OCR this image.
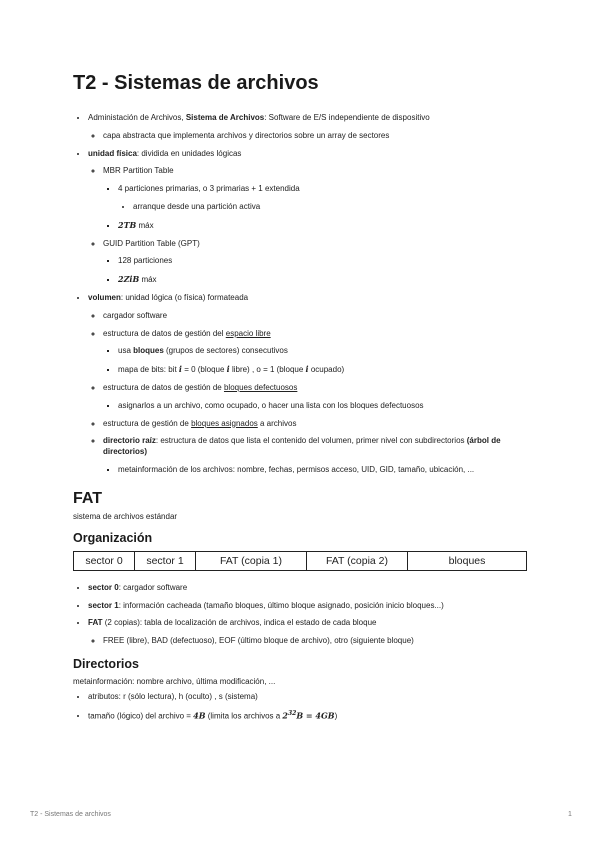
T2 - Sistemas de archivos
• Administación de Archivos, Sistema de Archivos: Software de E/S independiente de dispositivo
◦ capa abstracta que implementa archivos y directorios sobre un array de sectores
• unidad física: dividida en unidades lógicas
◦ MBR Partition Table
▪ 4 particiones primarias, o 3 primarias + 1 extendida
• arranque desde una partición activa
▪ 2TB máx
◦ GUID Partition Table (GPT)
▪ 128 particiones
▪ 2ZiB máx
• volumen: unidad lógica (o física) formateada
◦ cargador software
◦ estructura de datos de gestión del espacio libre
▪ usa bloques (grupos de sectores) consecutivos
▪ mapa de bits: bit i = 0 (bloque i libre) , o = 1 (bloque i ocupado)
◦ estructura de datos de gestión de bloques defectuosos
▪ asignarlos a un archivo, como ocupado, o hacer una lista con los bloques defectuosos
◦ estructura de gestión de bloques asignados a archivos
◦ directorio raíz: estructura de datos que lista el contenido del volumen, primer nivel con subdirectorios (árbol de directorios)
▪ metainformación de los archivos: nombre, fechas, permisos acceso, UID, GID, tamaño, ubicación, ...
FAT

sistema de archivos estándar

Organización
sector 0	sector 1	FAT (copia 1)	FAT (copia 2)	bloques
• sector 0: cargador software
• sector 1: información cacheada (tamaño bloques, último bloque asignado, posición inicio bloques...)
• FAT (2 copias): tabla de localización de archivos, indica el estado de cada bloque
◦ FREE (libre), BAD (defectuoso), EOF (último bloque de archivo), otro (siguiente bloque)
Directorios

metainformación: nombre archivo, última modificación, ...

• atributos: r (sólo lectura), h (oculto) , s (sistema)
• tamaño (lógico) del archivo = 4B (limita los archivos a $2^{32}B = 4GB$)
T2 - Sistemas de archivos	1
